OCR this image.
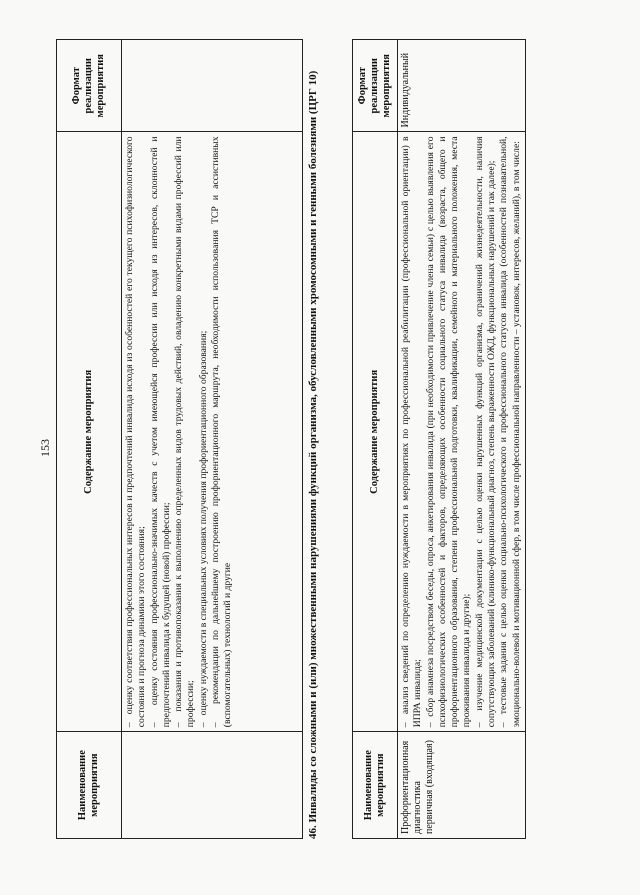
153
Наименование мероприятия	Содержание мероприятия	Формат реализации мероприятия

	–   оценку соответствия профессиональных интересов и предпочтений инвалида исходя из особенностей его текущего психофизиологического состояния и прогноза динамики этого состояния; –   оценку состояния профессионально-значимых качеств с учетом имеющейся профессии или исходя из интересов, склонностей и предпочтений инвалида к будущей (новой) профессии; –   показания и противопоказания к выполнению определенных видов трудовых действий, овладению конкретными видами профессий или профессии; –   оценку нуждаемости в специальных условиях получения профориентационного образования; –   рекомендации по дальнейшему построению профориентационного маршрута, необходимости использования ТСР и ассистивных (вспомогательных) технологий и другие	

		46. Инвалиды со сложными и (или) множественными нарушениями функций организма, обусловленными хромосомными и генными болезнями (ЦРГ 10)	Наименование мероприятия	Содержание мероприятия	Формат реализации мероприятия
Профориентационная диагностика первичная (входящая)	–  анализ сведений по определению нуждаемости в мероприятиях по профессиональной реабилитации (профессиональной ориентации) в ИПРА инвалида; –  сбор анамнеза посредством беседы, опроса, анкетирования инвалида (при необходимости привлечение члена семьи) с целью выявления его психофизиологических особенностей и факторов, определяющих особенности социального статуса инвалида (возраста, общего и профориентационного образования, степени профессиональной подготовки, квалификации, семейного и материального положения, места проживания инвалида и другие); –  изучение медицинской документации с целью оценки нарушенных функций организма, ограничений жизнедеятельности, наличия сопутствующих заболеваний (клинико-функциональный диагноз, степень выраженности ОЖД, функциональных нарушений и так далее); –  тестовые задания с целью оценки социально-психологического и профессионального статусов инвалида (особенностей познавательной, эмоционально-волевой и мотивационной сфер, в том числе профессиональной направленности – установок, интересов, желаний), в том числе:	Индивидуальный
